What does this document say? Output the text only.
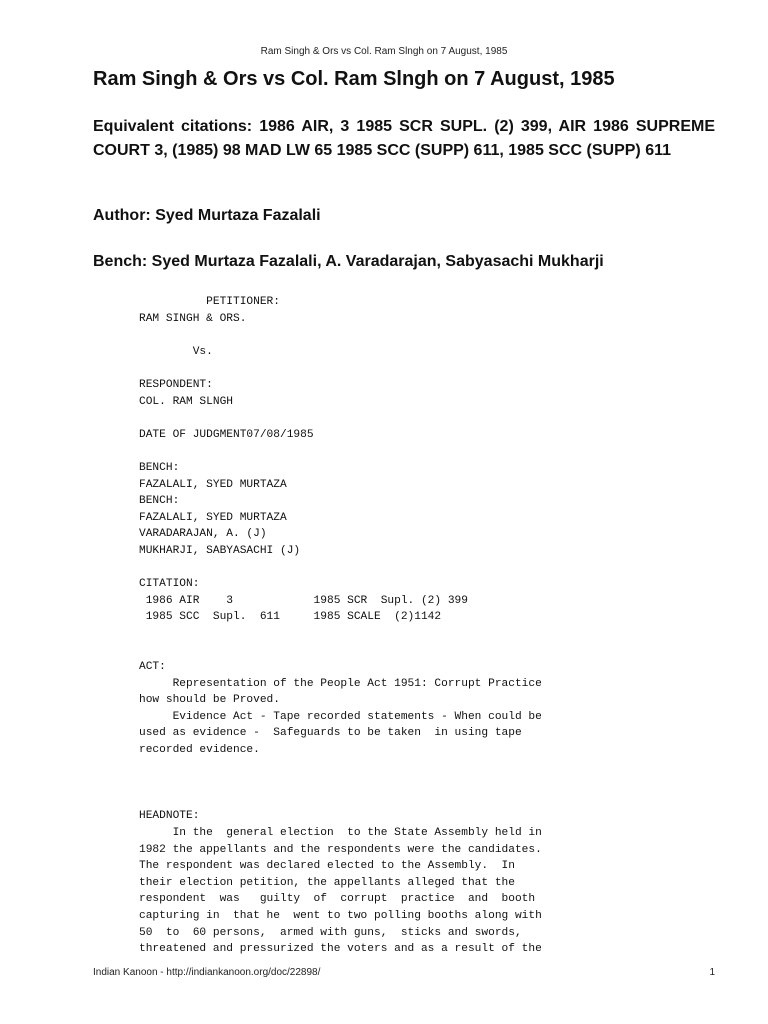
Ram Singh & Ors vs Col. Ram Slngh on 7 August, 1985
Ram Singh & Ors vs Col. Ram Slngh on 7 August, 1985

Equivalent citations: 1986 AIR, 3 1985 SCR SUPL. (2) 399, AIR 1986 SUPREME COURT 3, (1985) 98 MAD LW 65 1985 SCC (SUPP) 611, 1985 SCC (SUPP) 611

Author: Syed Murtaza Fazalali

Bench: Syed Murtaza Fazalali, A. Varadarajan, Sabyasachi Mukharji

PETITIONER:
RAM SINGH & ORS.

Vs.

RESPONDENT:
COL. RAM SLNGH

DATE OF JUDGMENT07/08/1985

BENCH:
FAZALALI, SYED MURTAZA
BENCH:
FAZALALI, SYED MURTAZA
VARADARAJAN, A. (J)
MUKHARJI, SABYASACHI (J)

CITATION:
1986 AIR    3            1985 SCR  Supl. (2) 399
1985 SCC  Supl.  611     1985 SCALE  (2)1142

ACT:
Representation of the People Act 1951: Corrupt Practice
how should be Proved.
Evidence Act - Tape recorded statements - When could be
used as evidence -  Safeguards to be taken  in using tape
recorded evidence.

HEADNOTE:
In the  general election  to the State Assembly held in
1982 the appellants and the respondents were the candidates.
The respondent was declared elected to the Assembly.  In
their election petition, the appellants alleged that the
respondent  was   guilty  of  corrupt  practice  and  booth
capturing in  that he  went to two polling booths along with
50  to  60 persons,  armed with guns,  sticks and swords,
threatened and pressurized the voters and as a result of the
Indian Kanoon - http://indiankanoon.org/doc/22898/	1
